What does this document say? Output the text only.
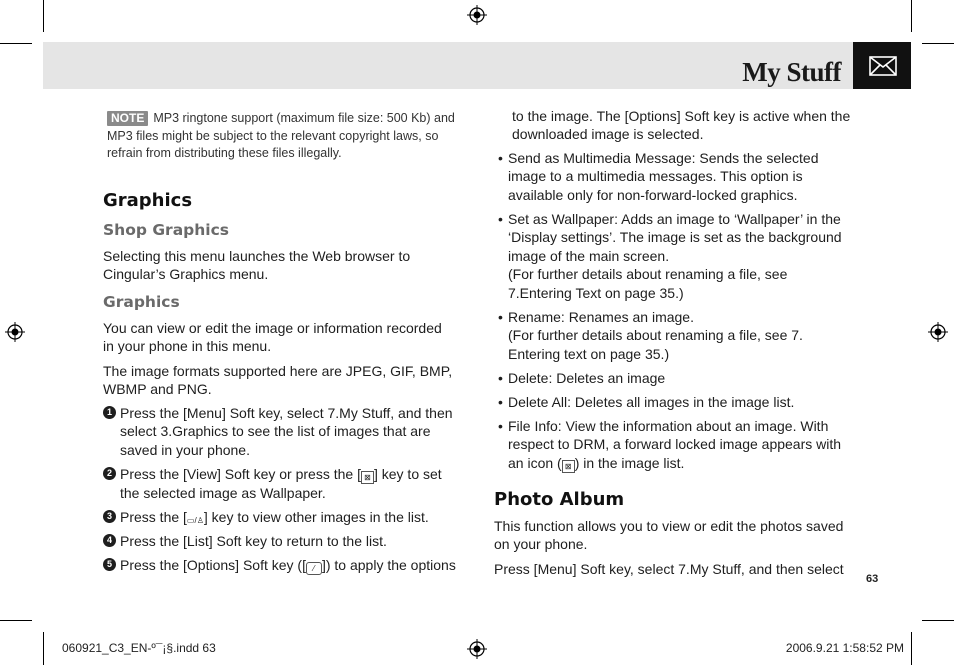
My Stuff
NOTE MP3 ringtone support (maximum file size: 500 Kb) and MP3 files might be subject to the relevant copyright laws, so refrain from distributing these files illegally.
Graphics
Shop Graphics

Selecting this menu launches the Web browser to Cingular’s Graphics menu.

Graphics

You can view or edit the image or information recorded in your phone in this menu.

The image formats supported here are JPEG, GIF, BMP, WBMP and PNG.

1 Press the [Menu] Soft key, select 7.My Stuff, and then select 3.Graphics to see the list of images that are saved in your phone.
2 Press the [View] Soft key or press the [ ⊠ ] key to set the selected image as Wallpaper.
3 Press the [▭/♙] key to view other images in the list.
4 Press the [List] Soft key to return to the list.
5 Press the [Options] Soft key ([ ⁄ ]) to apply the options

to the image. The [Options] Soft key is active when the downloaded image is selected.

• Send as Multimedia Message: Sends the selected image to a multimedia messages. This option is available only for non-forward-locked graphics.
• Set as Wallpaper: Adds an image to ‘Wallpaper’ in the ‘Display settings’. The image is set as the background image of the main screen.
(For further details about renaming a file, see 7.Entering Text on page 35.)
• Rename: Renames an image.
(For further details about renaming a file, see 7. Entering text on page 35.)
• Delete: Deletes an image
• Delete All: Deletes all images in the image list.
• File Info: View the information about an image. With respect to DRM, a forward locked image appears with an icon ( ⊠ ) in the image list.
Photo Album

This function allows you to view or edit the photos saved on your phone.

Press [Menu] Soft key, select 7.My Stuff, and then select

63
060921_C3_EN-º¯¡§.indd 63	2006.9.21 1:58:52 PM
